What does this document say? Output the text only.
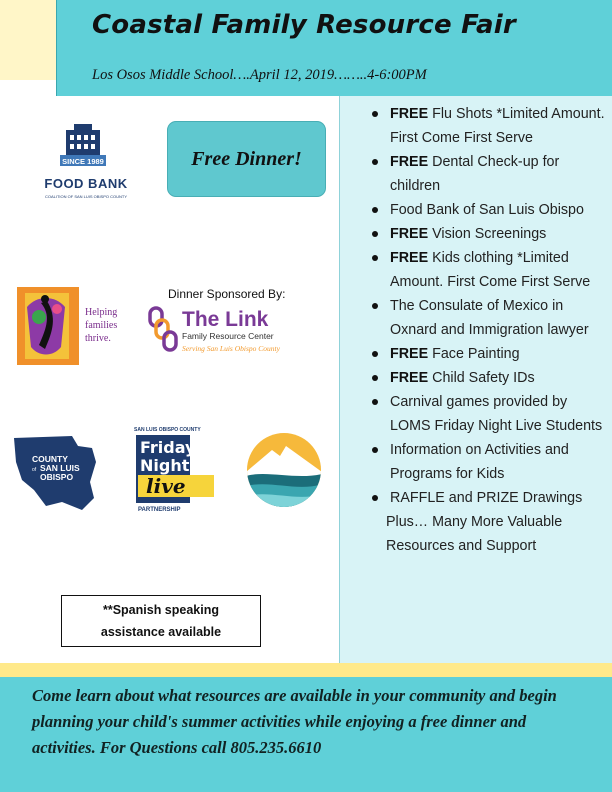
Coastal Family Resource Fair
Los Osos Middle School….April 12, 2019……..4-6:00PM
SINCE 1989
FOOD BANK
COALITION OF SAN LUIS OBISPO COUNTY
Free Dinner!
Helping
families
thrive.
Dinner Sponsored By:
The Link
Family Resource Center
Serving San Luis Obispo County
COUNTY
of SAN LUIS
OBISPO
SAN LUIS OBISPO COUNTY
Friday
Night
live
PARTNERSHIP
**Spanish speaking
assistance available
FREE Flu Shots *Limited Amount. First Come First Serve
FREE Dental Check-up for children
Food Bank of San Luis Obispo
FREE Vision Screenings
FREE Kids clothing *Limited Amount. First Come First Serve
The Consulate of Mexico in Oxnard and Immigration lawyer
FREE Face Painting
FREE Child Safety IDs
Carnival games provided by LOMS Friday Night Live Students
Information on Activities and Programs for Kids
RAFFLE and PRIZE Drawings
Plus… Many More Valuable Resources and Support
Come learn about what resources are available in your community and begin planning your child's summer activities while enjoying a free dinner and activities. For Questions call 805.235.6610
